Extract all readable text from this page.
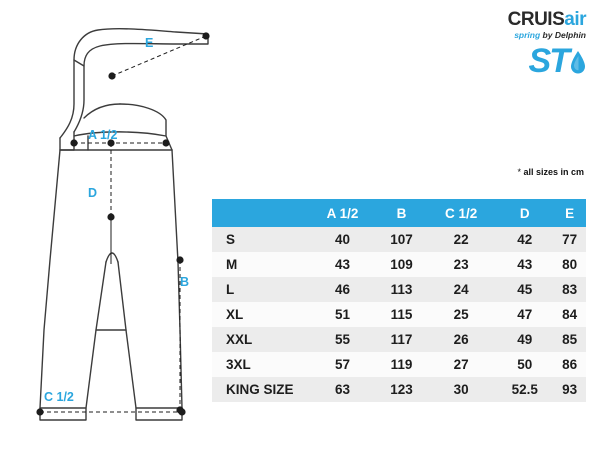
CRUISair
spring by Delphin
ST
* all sizes in cm
E
A 1/2
D
B
C 1/2
	A 1/2	B	C 1/2	D	E
S	40	107	22	42	77
M	43	109	23	43	80
L	46	113	24	45	83
XL	51	115	25	47	84
XXL	55	117	26	49	85
3XL	57	119	27	50	86
KING SIZE	63	123	30	52.5	93
